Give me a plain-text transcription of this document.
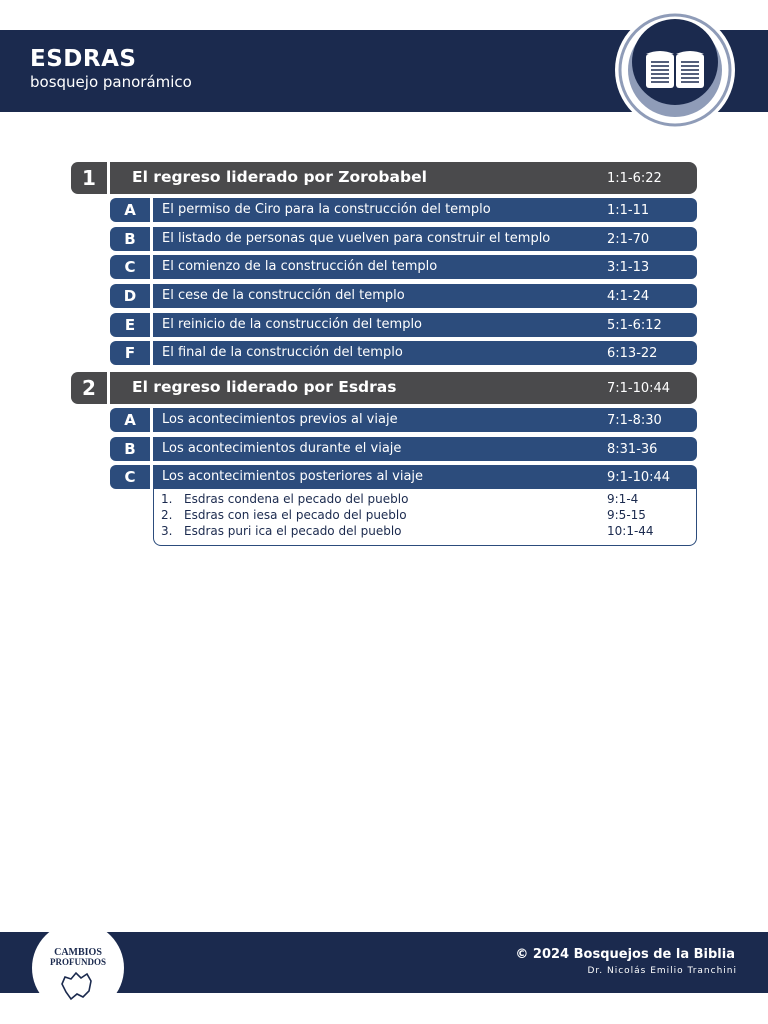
ESDRAS
bosquejo panorámico
1	El regreso liderado por Zorobabel	1:1-6:22
A	El permiso de Ciro para la construcción del templo	1:1-11
B	El listado de personas que vuelven para construir el templo	2:1-70
C	El comienzo de la construcción del templo	3:1-13
D	El cese de la construcción del templo	4:1-24
E	El reinicio de la construcción del templo	5:1-6:12
F	El final de la construcción del templo	6:13-22
2	El regreso liderado por Esdras	7:1-10:44
A	Los acontecimientos previos al viaje	7:1-8:30
B	Los acontecimientos durante el viaje	8:31-36
C	Los acontecimientos posteriores al viaje	9:1-10:44
1. Esdras condena el pecado del pueblo	9:1-4
2. Esdras con iesa el pecado del pueblo	9:5-15
3. Esdras puri ica el pecado del pueblo	10:1-44
CAMBIOS
PROFUNDOS	© 2024 Bosquejos de la Biblia
Dr. Nicolás Emilio Tranchini
